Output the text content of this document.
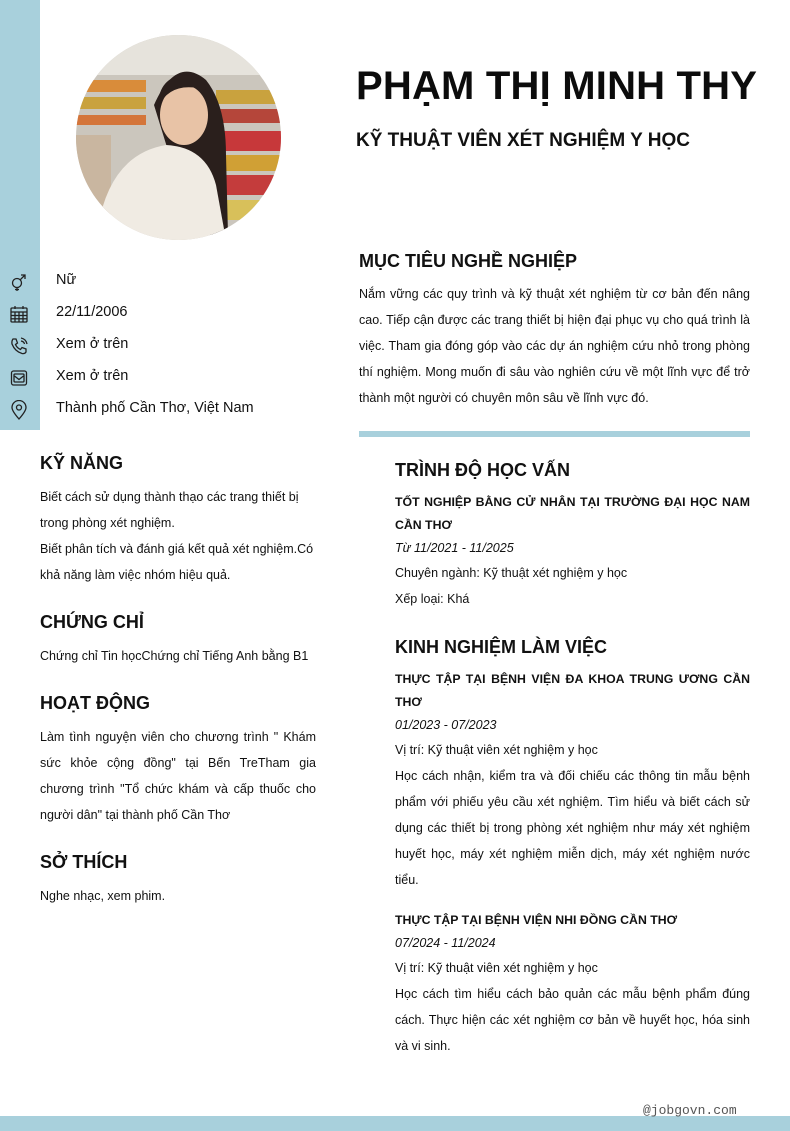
PHẠM THỊ MINH THY
KỸ THUẬT VIÊN XÉT NGHIỆM Y HỌC
Nữ
22/11/2006
Xem ở trên
Xem ở trên
Thành phố Cần Thơ, Việt Nam
KỸ NĂNG
Biết cách sử dụng thành thạo các trang thiết bị trong phòng xét nghiệm.
Biết phân tích và đánh giá kết quả xét nghiệm.Có khả năng làm việc nhóm hiệu quả.
CHỨNG CHỈ
Chứng chỉ Tin họcChứng chỉ Tiếng Anh bằng B1
HOẠT ĐỘNG
Làm tình nguyện viên cho chương trình " Khám sức khỏe cộng đồng" tại Bến TreTham gia chương trình "Tổ chức khám và cấp thuốc cho người dân" tại thành phố Cần Thơ
SỞ THÍCH
Nghe nhạc, xem phim.
MỤC TIÊU NGHỀ NGHIỆP
Nắm vững các quy trình và kỹ thuật xét nghiệm từ cơ bản đến nâng cao. Tiếp cận được các trang thiết bị hiện đại phục vụ cho quá trình là việc. Tham gia đóng góp vào các dự án nghiệm cứu nhỏ trong phòng thí nghiệm. Mong muốn đi sâu vào nghiên cứu về một lĩnh vực để trở thành một người có chuyên môn sâu về lĩnh vực đó.
TRÌNH ĐỘ HỌC VẤN
TỐT NGHIỆP BẰNG CỬ NHÂN TẠI TRƯỜNG ĐẠI HỌC NAM CẦN THƠ
Từ 11/2021 - 11/2025
Chuyên ngành: Kỹ thuật xét nghiệm y học
Xếp loại: Khá
KINH NGHIỆM LÀM VIỆC
THỰC TẬP TẠI BỆNH VIỆN ĐA KHOA TRUNG ƯƠNG CẦN THƠ
01/2023 - 07/2023
Vị trí: Kỹ thuật viên xét nghiệm y học
Học cách nhận, kiểm tra và đối chiếu các thông tin mẫu bệnh phẩm với phiếu yêu cầu xét nghiệm. Tìm hiểu và biết cách sử dụng các thiết bị trong phòng xét nghiệm như máy xét nghiệm huyết học, máy xét nghiệm miễn dịch, máy xét nghiệm nước tiểu.
THỰC TẬP TẠI BỆNH VIỆN NHI ĐỒNG CẦN THƠ
07/2024 - 11/2024
Vị trí: Kỹ thuật viên xét nghiệm y học
Học cách tìm hiểu cách bảo quản các mẫu bệnh phẩm đúng cách. Thực hiện các xét nghiệm cơ bản về huyết học, hóa sinh và vi sinh.
@jobgovn.com
